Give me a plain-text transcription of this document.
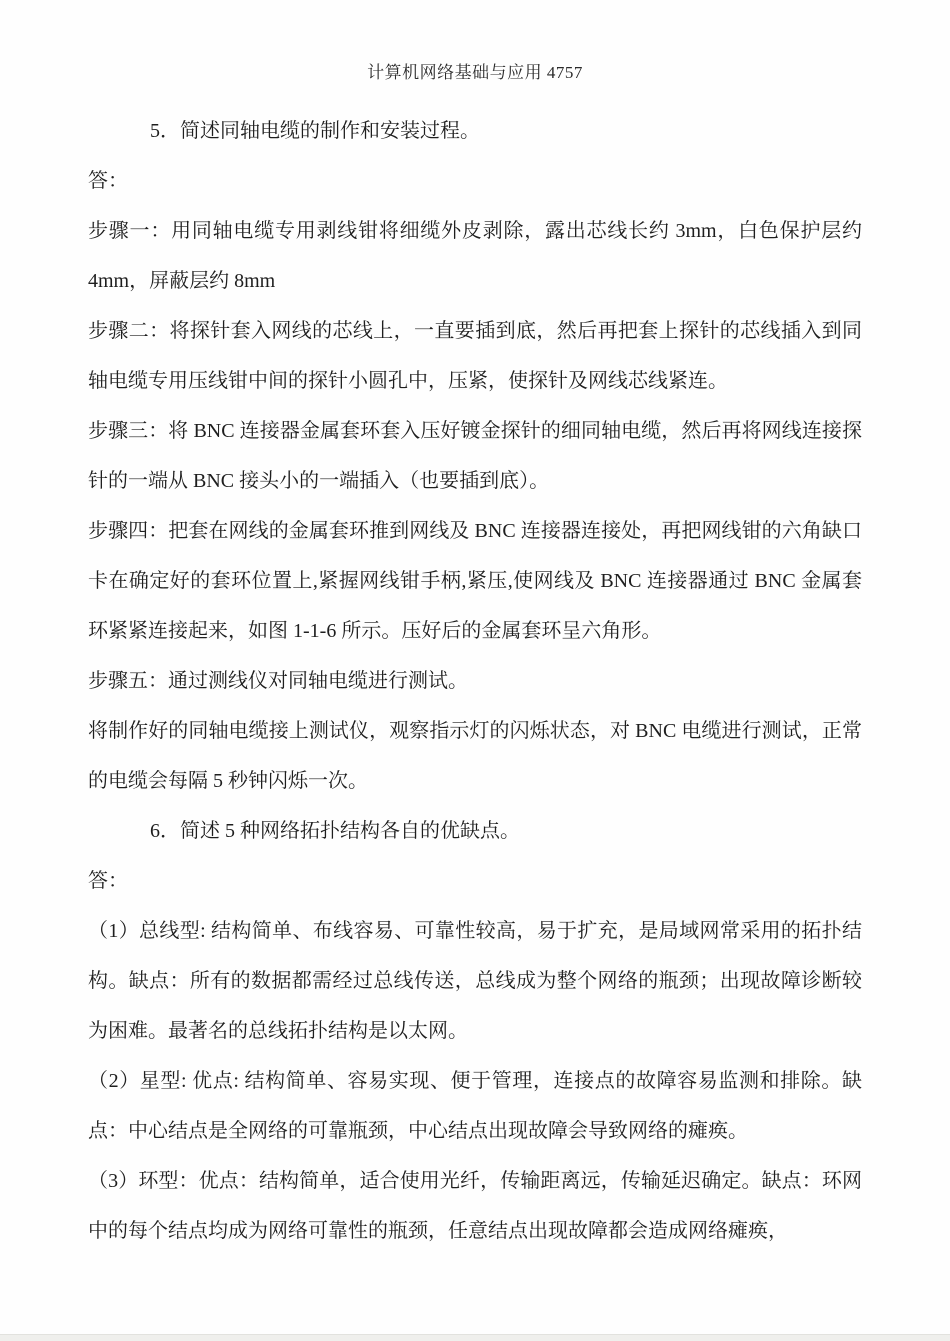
计算机网络基础与应用 4757
5．简述同轴电缆的制作和安装过程。
答：
步骤一：用同轴电缆专用剥线钳将细缆外皮剥除，露出芯线长约 3mm，白色保护层约 4mm，屏蔽层约 8mm
步骤二：将探针套入网线的芯线上，一直要插到底，然后再把套上探针的芯线插入到同轴电缆专用压线钳中间的探针小圆孔中，压紧，使探针及网线芯线紧连。
步骤三：将 BNC 连接器金属套环套入压好镀金探针的细同轴电缆，然后再将网线连接探针的一端从 BNC 接头小的一端插入（也要插到底）。
步骤四：把套在网线的金属套环推到网线及 BNC 连接器连接处，再把网线钳的六角缺口卡在确定好的套环位置上,紧握网线钳手柄,紧压,使网线及 BNC 连接器通过 BNC 金属套环紧紧连接起来，如图 1-1-6 所示。压好后的金属套环呈六角形。
步骤五：通过测线仪对同轴电缆进行测试。
将制作好的同轴电缆接上测试仪，观察指示灯的闪烁状态，对 BNC 电缆进行测试，正常的电缆会每隔 5 秒钟闪烁一次。
6．简述 5 种网络拓扑结构各自的优缺点。
答：
（1）总线型: 结构简单、布线容易、可靠性较高，易于扩充，是局域网常采用的拓扑结构。缺点：所有的数据都需经过总线传送，总线成为整个网络的瓶颈；出现故障诊断较为困难。最著名的总线拓扑结构是以太网。
（2）星型: 优点: 结构简单、容易实现、便于管理，连接点的故障容易监测和排除。缺点：中心结点是全网络的可靠瓶颈，中心结点出现故障会导致网络的瘫痪。
（3）环型：优点：结构简单，适合使用光纤，传输距离远，传输延迟确定。缺点：环网中的每个结点均成为网络可靠性的瓶颈，任意结点出现故障都会造成网络瘫痪，
